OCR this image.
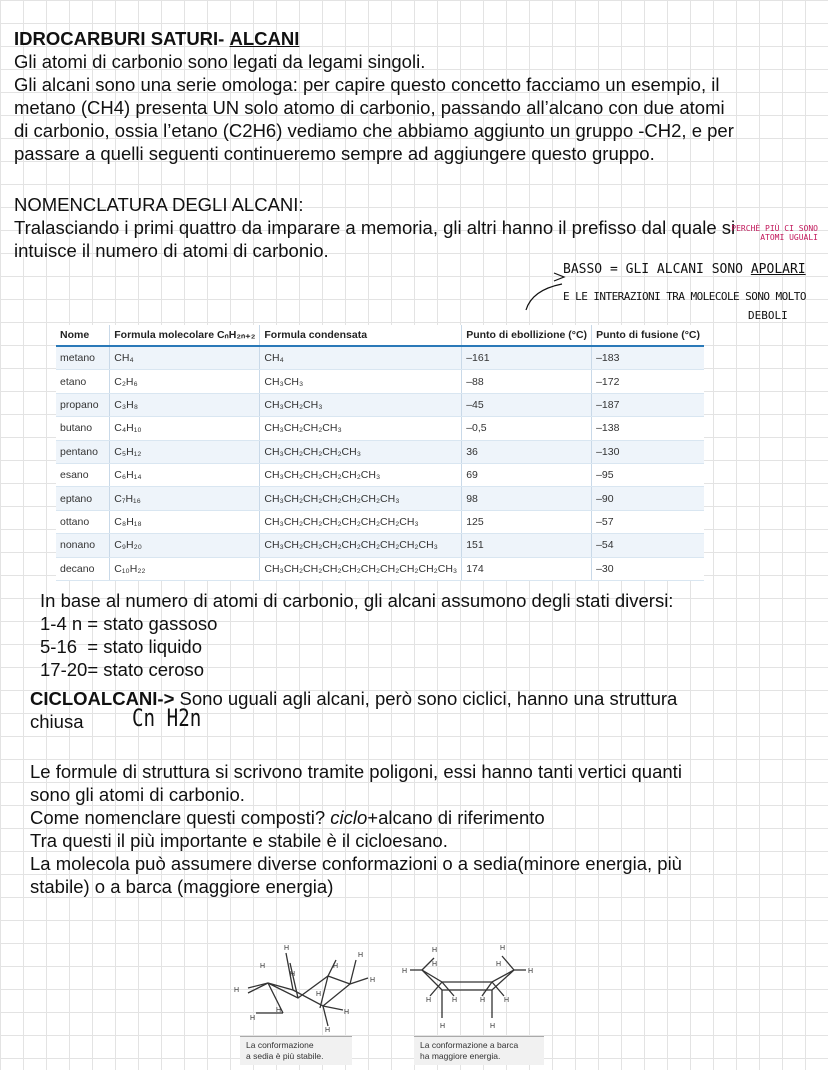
IDROCARBURI SATURI- ALCANI
Gli atomi di carbonio sono legati da legami singoli.
Gli alcani sono una serie omologa: per capire questo concetto facciamo un esempio, il
metano (CH4) presenta UN solo atomo di carbonio, passando all’alcano con due atomi
di carbonio, ossia l’etano (C2H6) vediamo che abbiamo aggiunto un gruppo -CH2, e per
passare a quelli seguenti continueremo sempre ad aggiungere questo gruppo.
NOMENCLATURA DEGLI ALCANI:
Tralasciando i primi quattro da imparare a memoria, gli altri hanno il prefisso dal quale si
intuisce il numero di atomi di carbonio.
PERCHÈ PIÙ CI SONO ATOMI UGUALI
BASSO = GLI ALCANI SONO APOLARI
E LE INTERAZIONI TRA MOLECOLE SONO MOLTO
DEBOLI
Nome	Formula molecolare CₙH₂ₙ₊₂	Formula condensata	Punto di ebollizione (°C)	Punto di fusione (°C)
metano	CH₄	CH₄	–161	–183
etano	C₂H₆	CH₃CH₃	–88	–172
propano	C₃H₈	CH₃CH₂CH₃	–45	–187
butano	C₄H₁₀	CH₃CH₂CH₂CH₃	–0,5	–138
pentano	C₅H₁₂	CH₃CH₂CH₂CH₂CH₃	36	–130
esano	C₆H₁₄	CH₃CH₂CH₂CH₂CH₂CH₃	69	–95
eptano	C₇H₁₆	CH₃CH₂CH₂CH₂CH₂CH₂CH₃	98	–90
ottano	C₈H₁₈	CH₃CH₂CH₂CH₂CH₂CH₂CH₂CH₃	125	–57
nonano	C₉H₂₀	CH₃CH₂CH₂CH₂CH₂CH₂CH₂CH₂CH₃	151	–54
decano	C₁₀H₂₂	CH₃CH₂CH₂CH₂CH₂CH₂CH₂CH₂CH₂CH₃	174	–30
In base al numero di atomi di carbonio, gli alcani assumono degli stati diversi:
1-4 n = stato gassoso
5-16  = stato liquido
17-20= stato ceroso
CICLOALCANI-> Sono uguali agli alcani, però sono ciclici, hanno una struttura
chiusa Cn H2n
Le formule di struttura si scrivono tramite poligoni, essi hanno tanti vertici quanti
sono gli atomi di carbonio.
Come nomenclare questi composti? ciclo+alcano di riferimento
Tra questi il più importante e stabile è il cicloesano.
La molecola può assumere diverse conformazioni o a sedia(minore energia, più
stabile) o a barca (maggiore energia)
H
H
H
H
H
H
H
H
H
H
H
H
La conformazione
a sedia è più stabile.
H	H
H	H
H	H
H	H	H	H
H	H
La conformazione a barca
ha maggiore energia.
